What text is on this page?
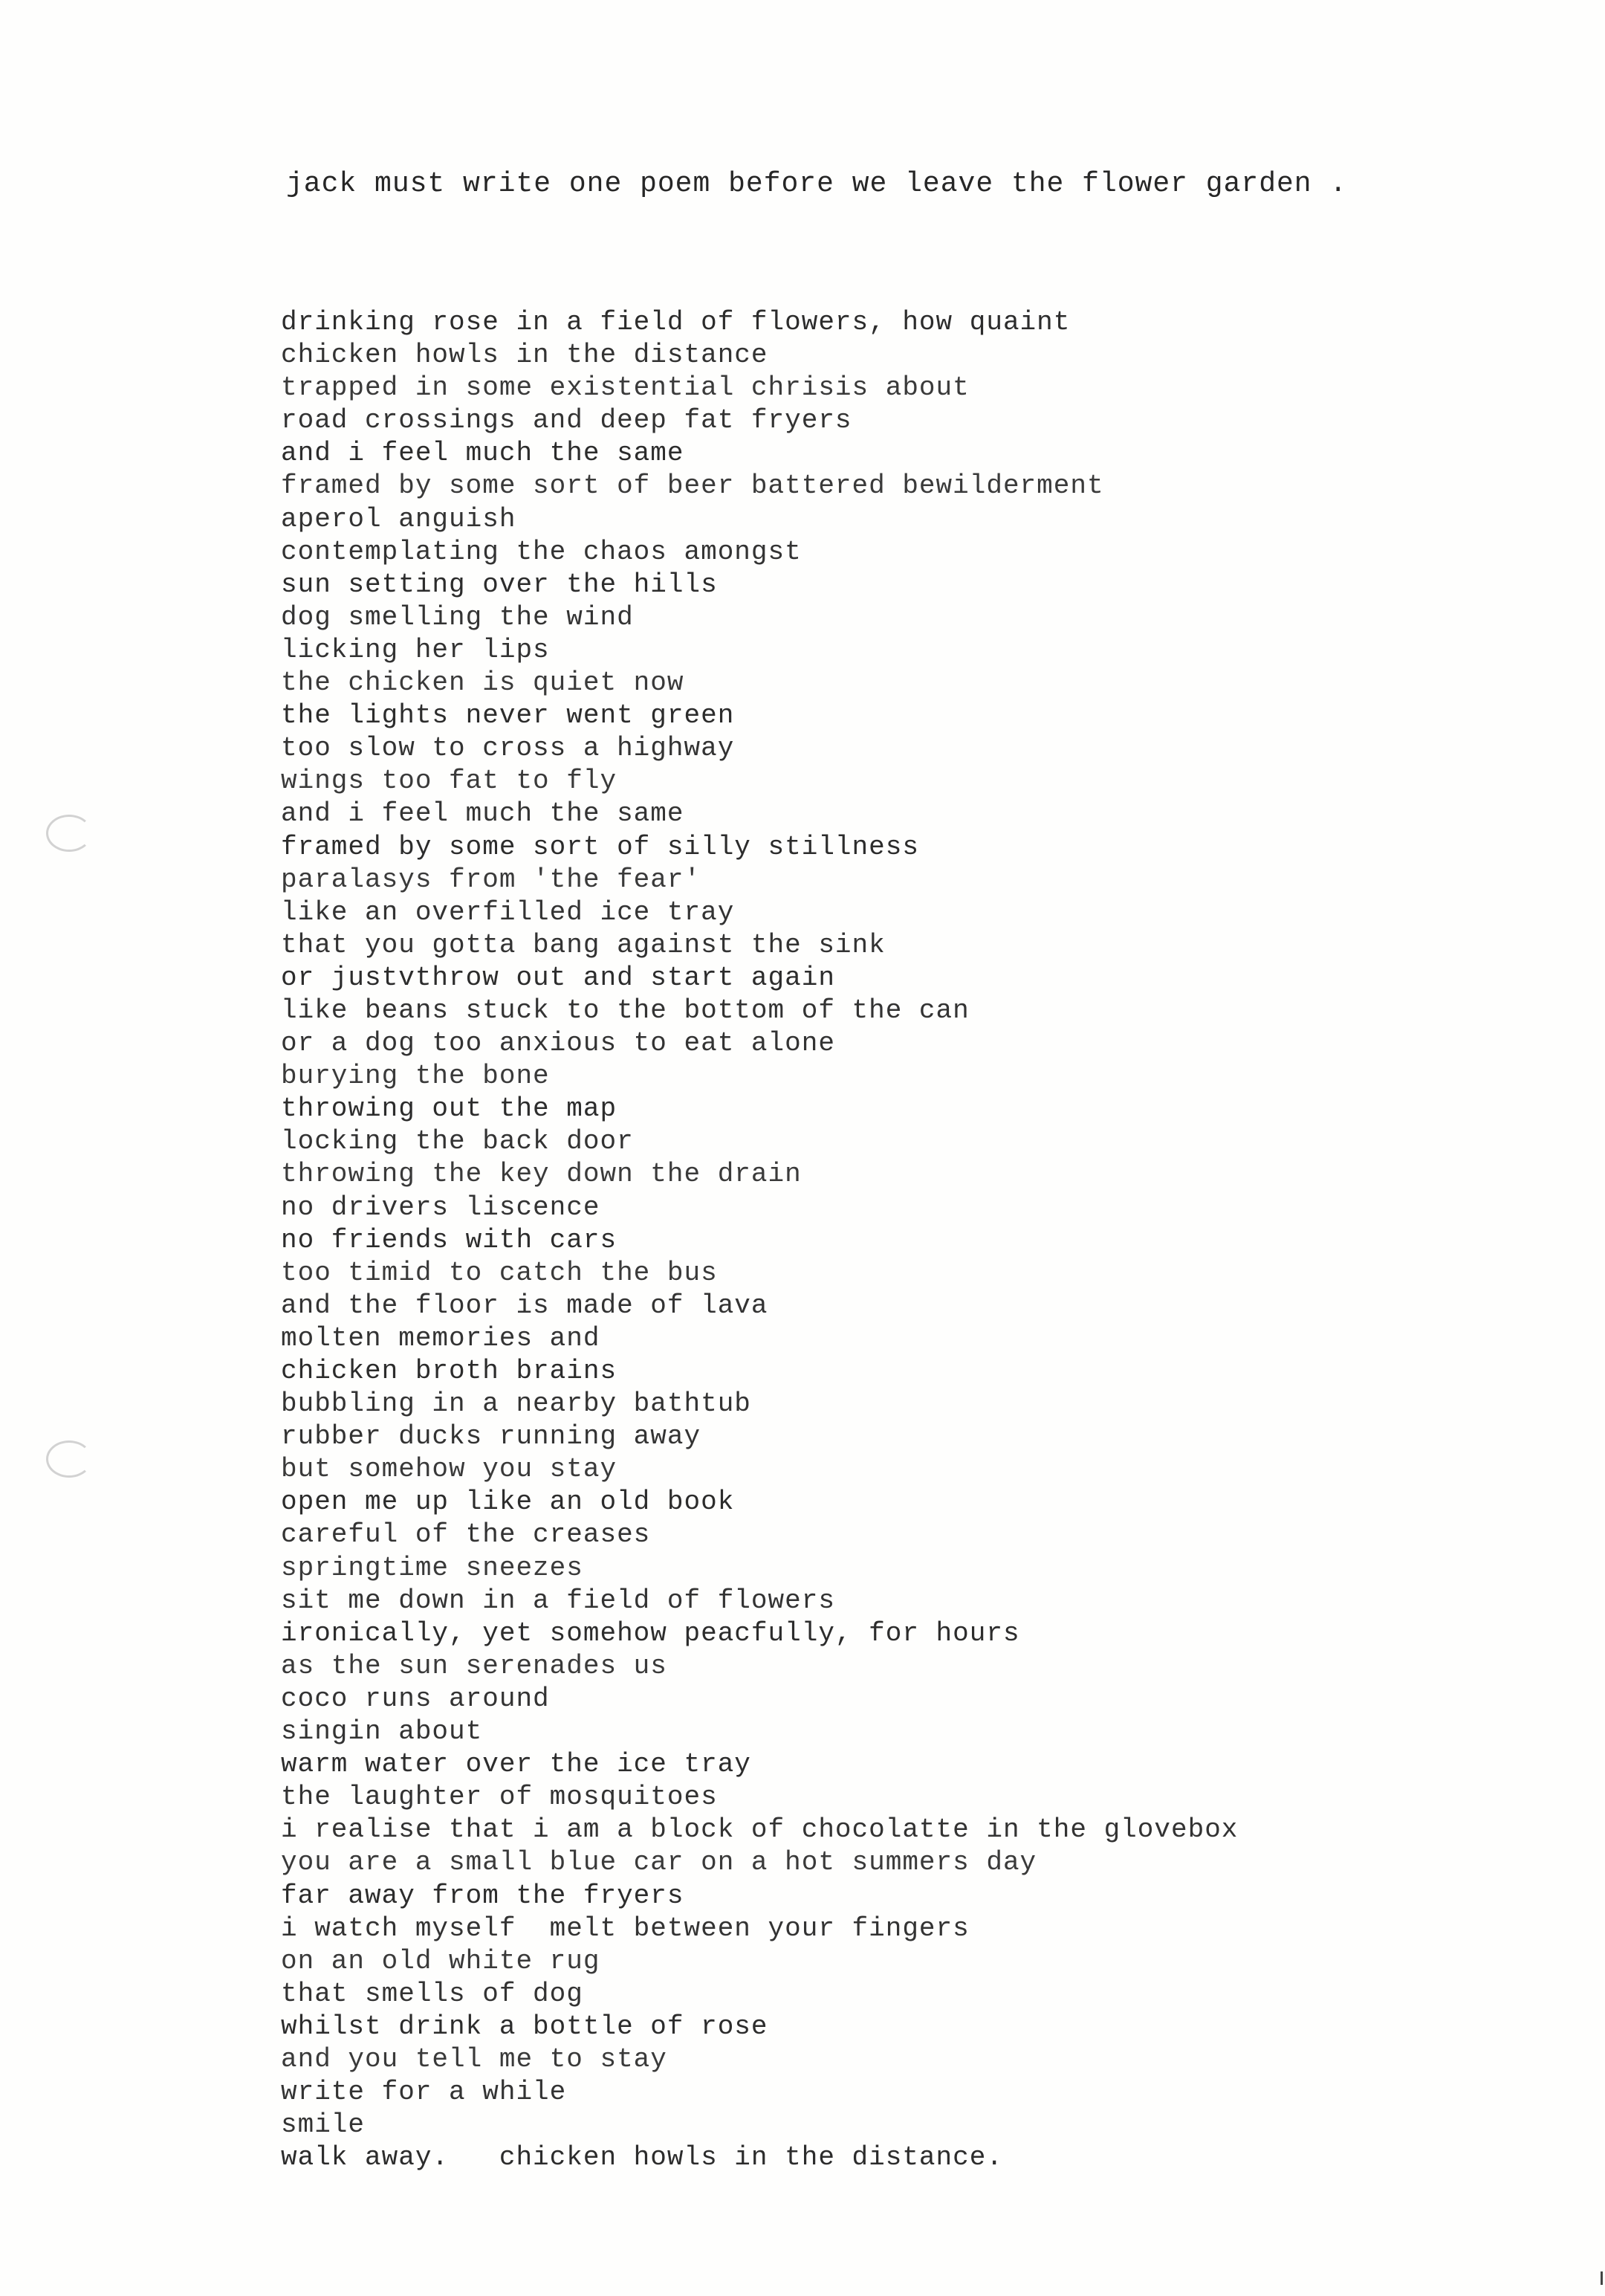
jack must write one poem before we leave the flower garden .
drinking rose in a field of flowers, how quaint
chicken howls in the distance
trapped in some existential chrisis about
road crossings and deep fat fryers
and i feel much the same
framed by some sort of beer battered bewilderment
aperol anguish
contemplating the chaos amongst
sun setting over the hills
dog smelling the wind
licking her lips
the chicken is quiet now
the lights never went green
too slow to cross a highway
wings too fat to fly
and i feel much the same
framed by some sort of silly stillness
paralasys from 'the fear'
like an overfilled ice tray
that you gotta bang against the sink
or justvthrow out and start again
like beans stuck to the bottom of the can
or a dog too anxious to eat alone
burying the bone
throwing out the map
locking the back door
throwing the key down the drain
no drivers liscence
no friends with cars
too timid to catch the bus
and the floor is made of lava
molten memories and
chicken broth brains
bubbling in a nearby bathtub
rubber ducks running away
but somehow you stay
open me up like an old book
careful of the creases
springtime sneezes
sit me down in a field of flowers
ironically, yet somehow peacfully, for hours
as the sun serenades us
coco runs around
singin about
warm water over the ice tray
the laughter of mosquitoes
i realise that i am a block of chocolatte in the glovebox
you are a small blue car on a hot summers day
far away from the fryers
i watch myself  melt between your fingers
on an old white rug
that smells of dog
whilst drink a bottle of rose
and you tell me to stay
write for a while
smile
walk away.   chicken howls in the distance.
